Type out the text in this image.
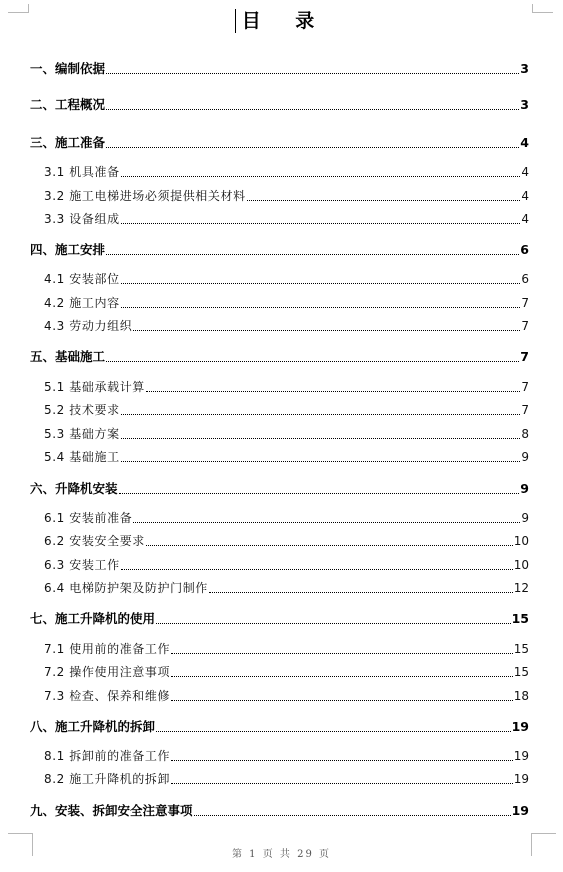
目 录
一、编制依据	3
二、工程概况	3
三、施工准备	4
3.1 机具准备	4
3.2 施工电梯进场必须提供相关材料	4
3.3 设备组成	4
四、施工安排	6
4.1 安装部位	6
4.2 施工内容	7
4.3 劳动力组织	7
五、基础施工	7
5.1 基础承载计算	7
5.2 技术要求	7
5.3 基础方案	8
5.4 基础施工	9
六、升降机安装	9
6.1 安装前准备	9
6.2 安装安全要求	10
6.3 安装工作	10
6.4 电梯防护架及防护门制作	12
七、施工升降机的使用	15
7.1 使用前的准备工作	15
7.2 操作使用注意事项	15
7.3 检查、保养和维修	18
八、施工升降机的拆卸	19
8.1 拆卸前的准备工作	19
8.2 施工升降机的拆卸	19
九、安装、拆卸安全注意事项	19
第 1 页 共 29 页
